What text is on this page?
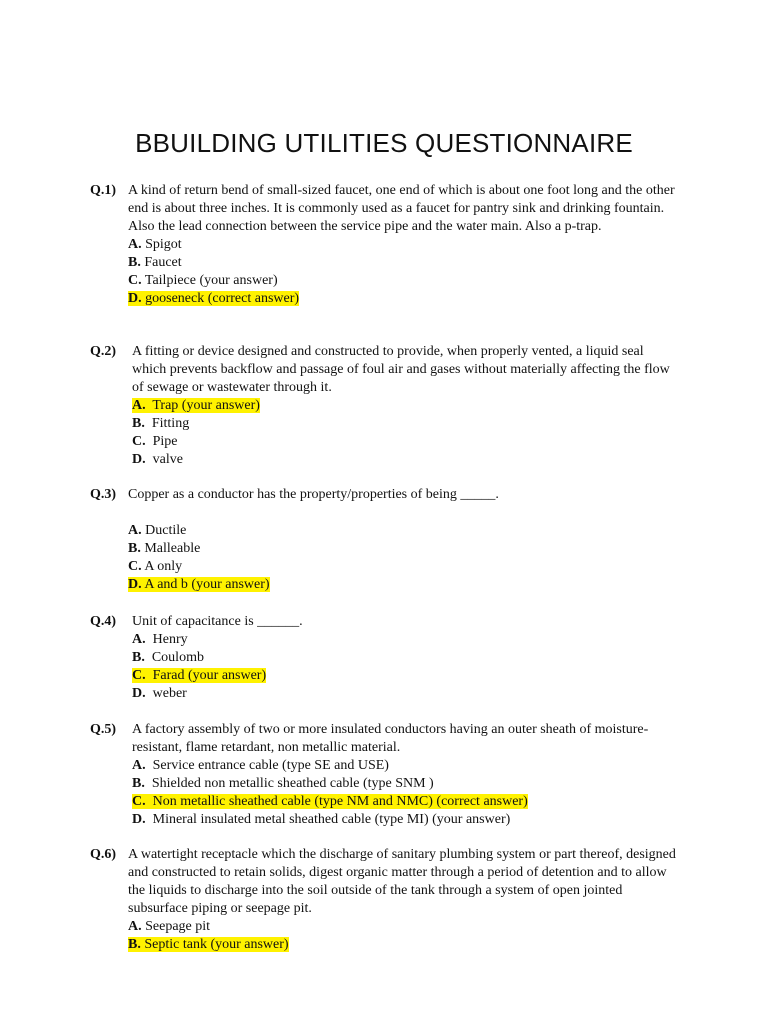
BBUILDING UTILITIES QUESTIONNAIRE
Q.1) A kind of return bend of small-sized faucet, one end of which is about one foot long and the other end is about three inches. It is commonly used as a faucet for pantry sink and drinking fountain. Also the lead connection between the service pipe and the water main. Also a p-trap.
A. Spigot
B. Faucet
C. Tailpiece (your answer)
D. gooseneck (correct answer)
Q.2) A fitting or device designed and constructed to provide, when properly vented, a liquid seal which prevents backflow and passage of foul air and gases without materially affecting the flow of sewage or wastewater through it.
A. Trap (your answer)
B. Fitting
C. Pipe
D. valve
Q.3) Copper as a conductor has the property/properties of being _____.
A. Ductile
B. Malleable
C. A only
D. A and b (your answer)
Q.4) Unit of capacitance is ______.
A. Henry
B. Coulomb
C. Farad (your answer)
D. weber
Q.5) A factory assembly of two or more insulated conductors having an outer sheath of moisture-resistant, flame retardant, non metallic material.
A. Service entrance cable (type SE and USE)
B. Shielded non metallic sheathed cable (type SNM )
C. Non metallic sheathed cable (type NM and NMC) (correct answer)
D. Mineral insulated metal sheathed cable (type MI) (your answer)
Q.6) A watertight receptacle which the discharge of sanitary plumbing system or part thereof, designed and constructed to retain solids, digest organic matter through a period of detention and to allow the liquids to discharge into the soil outside of the tank through a system of open jointed subsurface piping or seepage pit.
A. Seepage pit
B. Septic tank (your answer)
